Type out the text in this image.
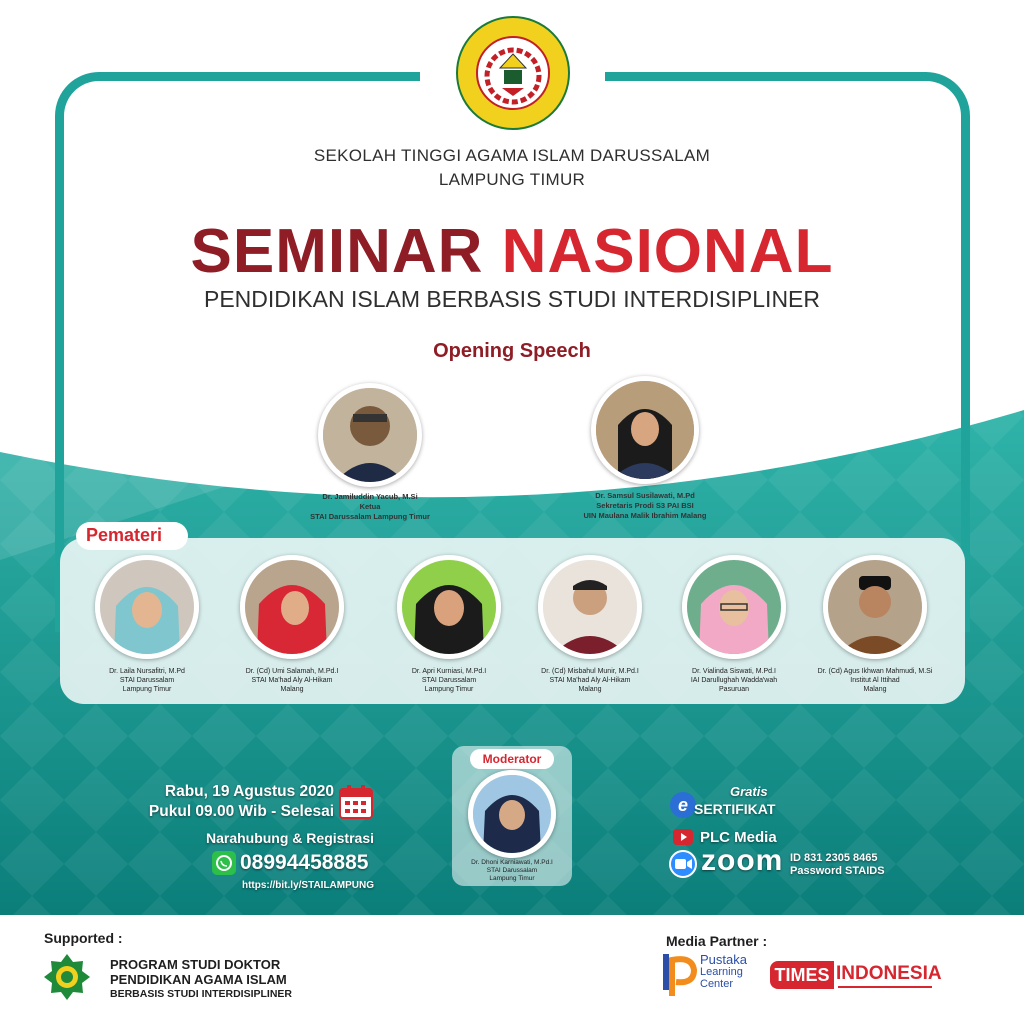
SEKOLAH TINGGI AGAMA ISLAM DARUSSALAM
LAMPUNG TIMUR
SEMINAR NASIONAL
PENDIDIKAN ISLAM BERBASIS STUDI INTERDISIPLINER
Opening Speech
Dr. Jamiluddin Yacub, M.Si
Ketua
STAI Darussalam Lampung Timur
Dr. Samsul Susilawati, M.Pd
Sekretaris Prodi S3 PAI BSI
UIN Maulana Malik Ibrahim Malang
Pemateri
Dr. Laila Nursafitri, M.Pd
STAI Darussalam
Lampung Timur
Dr. (Cd) Umi Salamah, M.Pd.I
STAI Ma'had Aly Al-Hikam
Malang
Dr. Apri Kurniasi, M.Pd.I
STAI Darussalam
Lampung Timur
Dr. (Cd) Misbahul Munir, M.Pd.I
STAI Ma'had Aly Al-Hikam
Malang
Dr. Vialinda Siswati, M.Pd.I
IAI Darullughah Wadda'wah
Pasuruan
Dr. (Cd) Agus Ikhwan Mahmudi, M.Si
Institut Al Ittihad
Malang
Rabu, 19 Agustus 2020
Pukul 09.00 Wib - Selesai
Narahubung & Registrasi
08994458885
https://bit.ly/STAILAMPUNG
Moderator
Dr. Dhoni Karniawati, M.Pd.I
STAI Darussalam
Lampung Timur
Gratis
e SERTIFIKAT
PLC Media
zoom ID 831 2305 8465
Password STAIDS
Supported :
PROGRAM STUDI DOKTOR
PENDIDIKAN AGAMA ISLAM
BERBASIS STUDI INTERDISIPLINER
Media Partner :
Pustaka
Learning
Center TIMES INDONESIA
